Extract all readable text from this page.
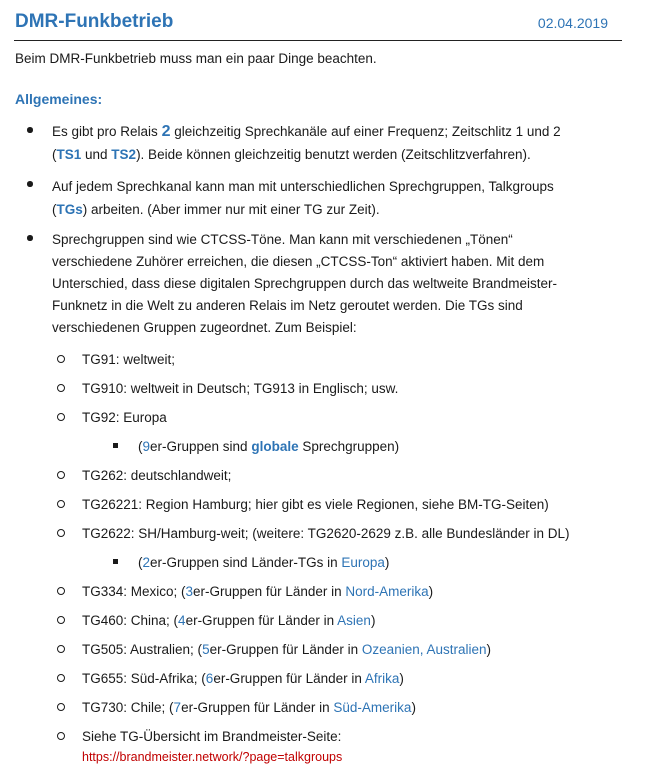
DMR-Funkbetrieb	02.04.2019
Beim DMR-Funkbetrieb muss man ein paar Dinge beachten.
Allgemeines:
Es gibt pro Relais 2 gleichzeitig Sprechkanäle auf einer Frequenz; Zeitschlitz 1 und 2
(TS1 und TS2). Beide können gleichzeitig benutzt werden (Zeitschlitzverfahren).
Auf jedem Sprechkanal kann man mit unterschiedlichen Sprechgruppen, Talkgroups
(TGs) arbeiten. (Aber immer nur mit einer TG zur Zeit).
Sprechgruppen sind wie CTCSS-Töne. Man kann mit verschiedenen „Tönen“
verschiedene Zuhörer erreichen, die diesen „CTCSS-Ton“ aktiviert haben. Mit dem
Unterschied, dass diese digitalen Sprechgruppen durch das weltweite Brandmeister-
Funknetz in die Welt zu anderen Relais im Netz geroutet werden. Die TGs sind
verschiedenen Gruppen zugeordnet. Zum Beispiel:
TG91: weltweit;
TG910: weltweit in Deutsch; TG913 in Englisch; usw.
TG92: Europa
(9er-Gruppen sind globale Sprechgruppen)
TG262: deutschlandweit;
TG26221: Region Hamburg; hier gibt es viele Regionen, siehe BM-TG-Seiten)
TG2622: SH/Hamburg-weit; (weitere: TG2620-2629 z.B. alle Bundesländer in DL)
(2er-Gruppen sind Länder-TGs in Europa)
TG334: Mexico; (3er-Gruppen für Länder in Nord-Amerika)
TG460: China; (4er-Gruppen für Länder in Asien)
TG505: Australien; (5er-Gruppen für Länder in Ozeanien, Australien)
TG655: Süd-Afrika; (6er-Gruppen für Länder in Afrika)
TG730: Chile; (7er-Gruppen für Länder in Süd-Amerika)
Siehe TG-Übersicht im Brandmeister-Seite:
https://brandmeister.network/?page=talkgroups
